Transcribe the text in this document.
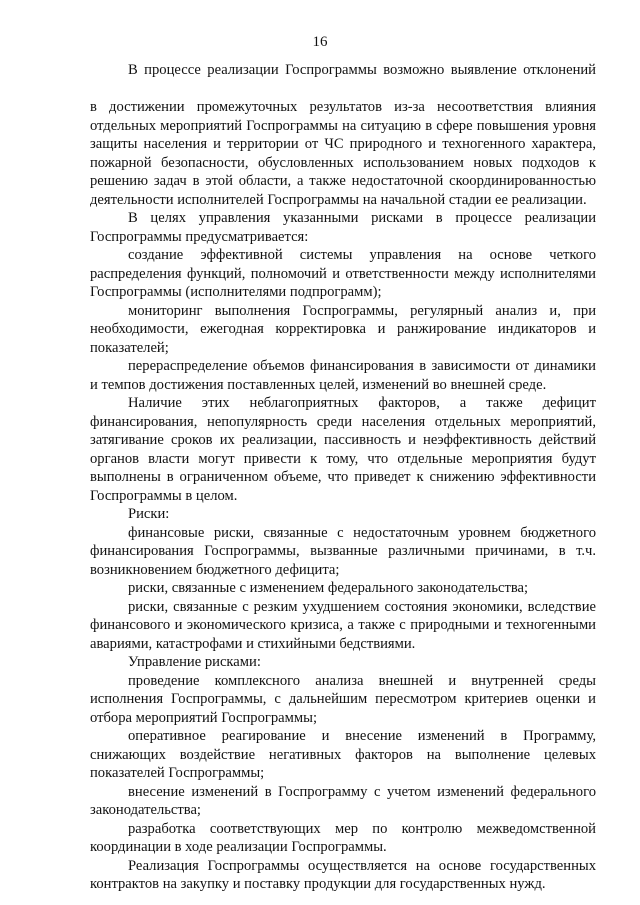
16

В процессе реализации Госпрограммы возможно выявление отклонений

в достижении промежуточных результатов из-за несоответствия влияния отдельных мероприятий Госпрограммы на ситуацию в сфере повышения уровня защиты населения и территории от ЧС природного и техногенного характера, пожарной безопасности, обусловленных использованием новых подходов к решению задач в этой области, а также недостаточной скоординированностью деятельности исполнителей Госпрограммы на начальной стадии ее реализации.

В целях управления указанными рисками в процессе реализации Госпрограммы предусматривается:

создание эффективной системы управления на основе четкого распределения функций, полномочий и ответственности между исполнителями Госпрограммы (исполнителями подпрограмм);

мониторинг выполнения Госпрограммы, регулярный анализ и, при необходимости, ежегодная корректировка и ранжирование индикаторов и показателей;

перераспределение объемов финансирования в зависимости от динамики и темпов достижения поставленных целей, изменений во внешней среде.

Наличие этих неблагоприятных факторов, а также дефицит финансирования, непопулярность среди населения отдельных мероприятий, затягивание сроков их реализации, пассивность и неэффективность действий органов власти могут привести к тому, что отдельные мероприятия будут выполнены в ограниченном объеме, что приведет к снижению эффективности Госпрограммы в целом.

Риски:

финансовые риски, связанные с недостаточным уровнем бюджетного финансирования Госпрограммы, вызванные различными причинами, в т.ч. возникновением бюджетного дефицита;

риски, связанные с изменением федерального законодательства;

риски, связанные с резким ухудшением состояния экономики, вследствие финансового и экономического кризиса, а также с природными и техногенными авариями, катастрофами и стихийными бедствиями.

Управление рисками:

проведение комплексного анализа внешней и внутренней среды исполнения Госпрограммы, с дальнейшим пересмотром критериев оценки и отбора мероприятий Госпрограммы;

оперативное реагирование и внесение изменений в Программу, снижающих воздействие негативных факторов на выполнение целевых показателей Госпрограммы;

внесение изменений в Госпрограмму с учетом изменений федерального законодательства;

разработка соответствующих мер по контролю межведомственной координации в ходе реализации Госпрограммы.

Реализация Госпрограммы осуществляется на основе государственных контрактов на закупку и поставку продукции для государственных нужд.
